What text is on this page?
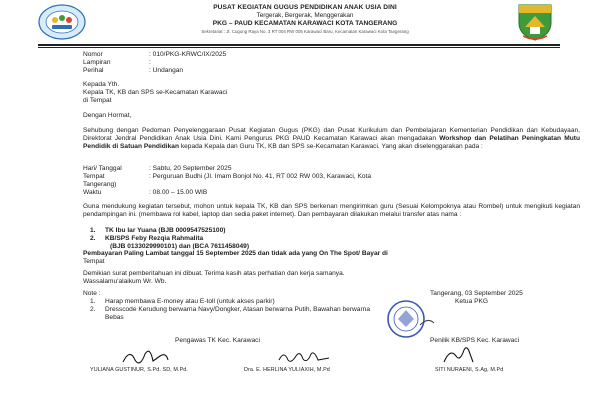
PUSAT KEGIATAN GUGUS PENDIDIKAN ANAK USIA DINI
Tergerak, Bergerak, Menggerakan
PKG – PAUD KECAMATAN KARAWACI KOTA TANGERANG
Sekretariat : Jl. Cugung Raya No. 3 RT 004 RW 005 Karawaci Baru, Kecamatan Karawaci Kota Tangerang
Nomor	: 010/PKG-KRWC/IX/2025
Lampiran	:
Perihal	: Undangan
Kepada Yth.
Kepala TK, KB dan SPS se-Kecamatan Karawaci
di Tempat
Dengan Hormat,
Sehubung dengan Pedoman Penyelenggaraan Pusat Kegiatan Gugus (PKG) dan Pusat Kurikulum dan Pembelajaran Kementerian Pendidikan dan Kebudayaan, Direktorat Jendral Pendidikan Anak Usia Dini. Kami Pengurus PKG PAUD Kecamatan Karawaci akan mengadakan Workshop dan Pelatihan Peningkatan Mutu Pendidik di Satuan Pendidikan kepada Kepala dan Guru TK, KB dan SPS se-Kecamatan Karawaci. Yang akan diselenggarakan pada :
Hari/ Tanggal	: Sabtu, 20 September 2025
Tempat	: Perguruan Budhi (Jl. Imam Bonjol No. 41, RT 002 RW 003, Karawaci, Kota
Tangerang)
Waktu	: 08.00 – 15.00 WIB
Guna mendukung kegiatan tersebut, mohon untuk kepala TK, KB dan SPS berkenan mengirimkan guru (Sesuai Kelompoknya atau Rombel) untuk mengikuti kegiatan pendampingan ini. (membawa rol kabel, laptop dan sedia paket internet). Dan pembayaran dilakukan melalui transfer atas nama :
1. TK Ibu Iar Yuana (BJB 0009547525100)
2. KB/SPS Feby Rezqia Rahmalita
(BJB 0133029990101) dan (BCA 7611458049)
Pembayaran Paling Lambat tanggal 15 September 2025 dan tidak ada yang On The Spot/ Bayar di
Tempat
Demikian surat pemberitahuan ini dibuat. Terima kasih atas perhatian dan kerja samanya.
Wassalamu'alaikum Wr. Wb.
Note :
1. Harap membawa E-money atau E-toll (untuk akses parkir)
2. Dresscode Kerudung berwarna Navy/Dongker, Atasan berwarna Putih, Bawahan berwarna
Bebas
Tangerang, 03 September 2025
Ketua PKG
Pengawas TK Kec. Karawaci	Penilik KB/SPS Kec. Karawaci
YULIANA GUSTINUR, S.Pd. SD, M.Pd.	Dra. E. HERLINA YULIAXIH, M.Pd	SITI NURAENI, S.Ag, M.Pd
